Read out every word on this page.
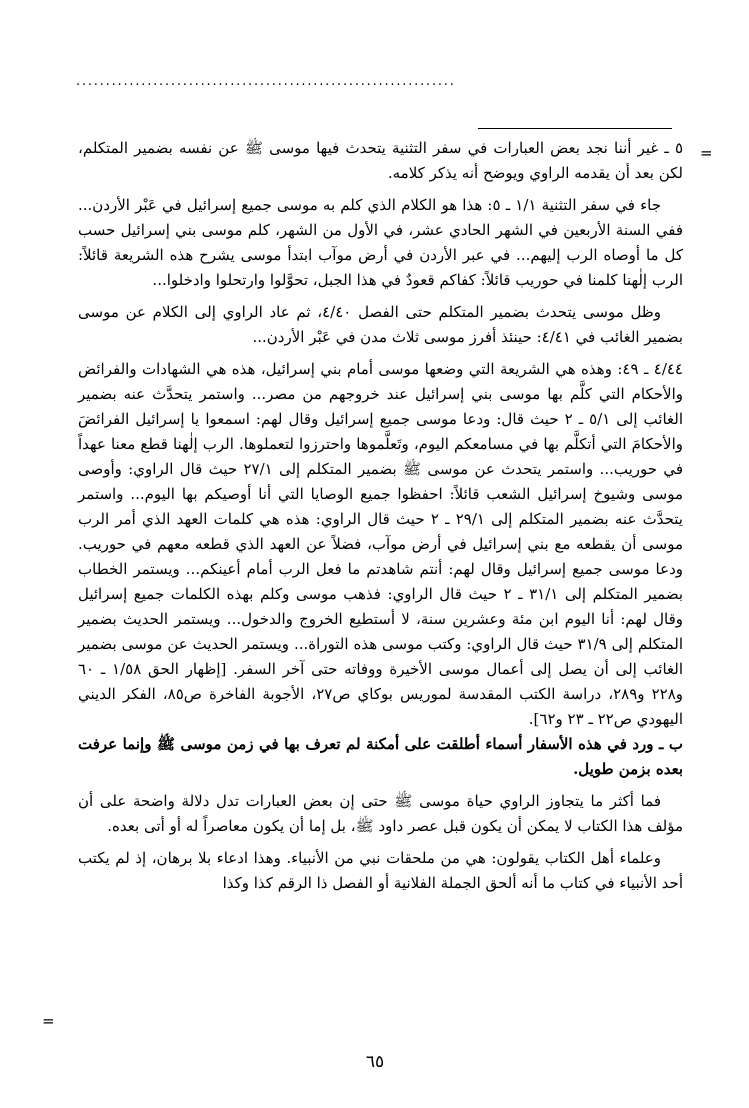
................................................................
=

٥ ـ غير أننا نجد بعض العبارات في سفر التثنية يتحدث فيها موسى ﷺ عن نفسه بضمير المتكلم، لكن بعد أن يقدمه الراوي ويوضح أنه يذكر كلامه.

جاء في سفر التثنية ١/١ ـ ٥: هذا هو الكلام الذي كلم به موسى جميع إسرائيل في عَبْر الأردن... ففي السنة الأربعين في الشهر الحادي عشر، في الأول من الشهر، كلم موسى بني إسرائيل حسب كل ما أوصاه الرب إليهم... في عبر الأردن في أرض موآب ابتدأ موسى يشرح هذه الشريعة قائلاً: الرب إلٰهنا كلمنا في حوريب قائلاً: كفاكم قعودٌ في هذا الجبل، تحوَّلوا وارتحلوا وادخلوا...

وظل موسى يتحدث بضمير المتكلم حتى الفصل ٤/٤٠، ثم عاد الراوي إلى الكلام عن موسى بضمير الغائب في ٤/٤١: حينئذ أفرز موسى ثلاث مدن في عَبْر الأردن...

٤/٤٤ ـ ٤٩: وهذه هي الشريعة التي وضعها موسى أمام بني إسرائيل، هذه هي الشهادات والفرائض والأحكام التي كلَّم بها موسى بني إسرائيل عند خروجهم من مصر... واستمر يتحدَّث عنه بضمير الغائب إلى ٥/١ ـ ٢ حيث قال: ودعا موسى جميع إسرائيل وقال لهم: اسمعوا يا إسرائيل الفرائضَ والأحكامَ التي أتكلَّم بها في مسامعكم اليوم، وتَعلَّموها واحترزوا لتعملوها. الرب إلٰهنا قطع معنا عهداً في حوريب... واستمر يتحدث عن موسى ﷺ بضمير المتكلم إلى ٢٧/١ حيث قال الراوي: وأوصى موسى وشيوخ إسرائيل الشعب قائلاً: احفظوا جميع الوصايا التي أنا أوصيكم بها اليوم... واستمر يتحدَّث عنه بضمير المتكلم إلى ٢٩/١ ـ ٢ حيث قال الراوي: هذه هي كلمات العهد الذي أمر الرب موسى أن يقطعه مع بني إسرائيل في أرض موآب، فضلاً عن العهد الذي قطعه معهم في حوريب. ودعا موسى جميع إسرائيل وقال لهم: أنتم شاهدتم ما فعل الرب أمام أعينكم... ويستمر الخطاب بضمير المتكلم إلى ٣١/١ ـ ٢ حيث قال الراوي: فذهب موسى وكلم بهذه الكلمات جميع إسرائيل وقال لهم: أنا اليوم ابن مئة وعشرين سنة، لا أستطيع الخروج والدخول... ويستمر الحديث بضمير المتكلم إلى ٣١/٩ حيث قال الراوي: وكتب موسى هذه التوراة... ويستمر الحديث عن موسى بضمير الغائب إلى أن يصل إلى أعمال موسى الأخيرة ووفاته حتى آخر السفر. [إظهار الحق ١/٥٨ ـ ٦٠ و٢٢٨ و٢٨٩، دراسة الكتب المقدسة لموريس بوكاي ص٢٧، الأجوبة الفاخرة ص٨٥، الفكر الديني اليهودي ص٢٢ ـ ٢٣ و٦٢].

ب ـ ورد في هذه الأسفار أسماء أطلقت على أمكنة لم تعرف بها في زمن موسى ﷺ وإنما عرفت بعده بزمن طويل.

فما أكثر ما يتجاوز الراوي حياة موسى ﷺ حتى إن بعض العبارات تدل دلالة واضحة على أن مؤلف هذا الكتاب لا يمكن أن يكون قبل عصر داود ﷺ، بل إما أن يكون معاصراً له أو أتى بعده.

وعلماء أهل الكتاب يقولون: هي من ملحقات نبي من الأنبياء. وهذا ادعاء بلا برهان، إذ لم يكتب أحد الأنبياء في كتاب ما أنه ألحق الجملة الفلانية أو الفصل ذا الرقم كذا وكذا

=
٦٥
